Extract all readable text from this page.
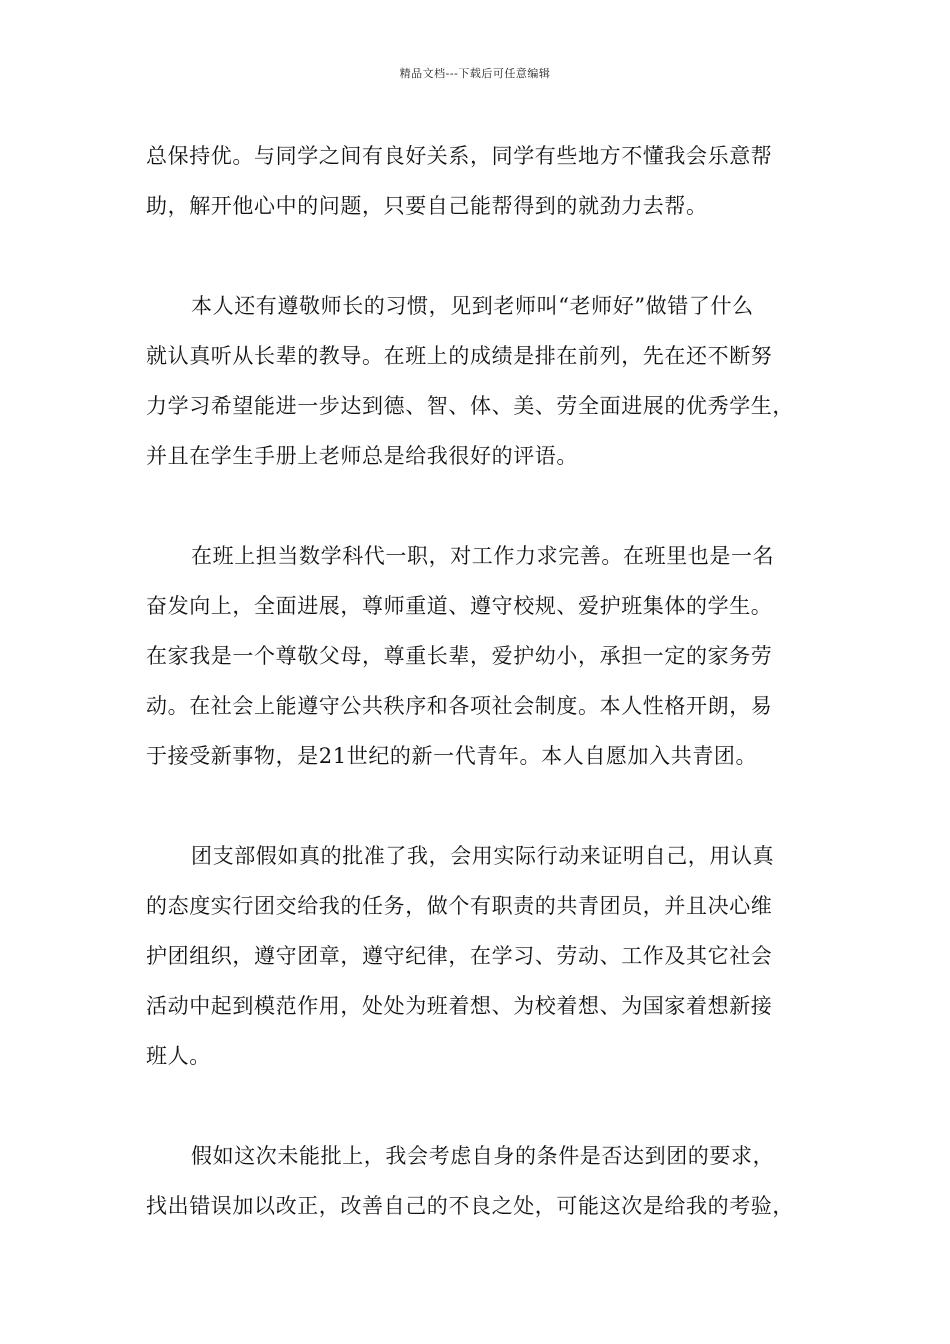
精品文档---下载后可任意编辑
总保持优。与同学之间有良好关系，同学有些地方不懂我会乐意帮
助，解开他心中的问题，只要自己能帮得到的就劲力去帮。
本人还有遵敬师长的习惯，见到老师叫“老师好”做错了什么
就认真听从长辈的教导。在班上的成绩是排在前列，先在还不断努
力学习希望能进一步达到德、智、体、美、劳全面进展的优秀学生，
并且在学生手册上老师总是给我很好的评语。
在班上担当数学科代一职，对工作力求完善。在班里也是一名
奋发向上，全面进展，尊师重道、遵守校规、爱护班集体的学生。
在家我是一个尊敬父母，尊重长辈，爱护幼小，承担一定的家务劳
动。在社会上能遵守公共秩序和各项社会制度。本人性格开朗，易
于接受新事物，是21世纪的新一代青年。本人自愿加入共青团。
团支部假如真的批准了我，会用实际行动来证明自己，用认真
的态度实行团交给我的任务，做个有职责的共青团员，并且决心维
护团组织，遵守团章，遵守纪律，在学习、劳动、工作及其它社会
活动中起到模范作用，处处为班着想、为校着想、为国家着想新接
班人。
假如这次未能批上，我会考虑自身的条件是否达到团的要求，
找出错误加以改正，改善自己的不良之处，可能这次是给我的考验，
